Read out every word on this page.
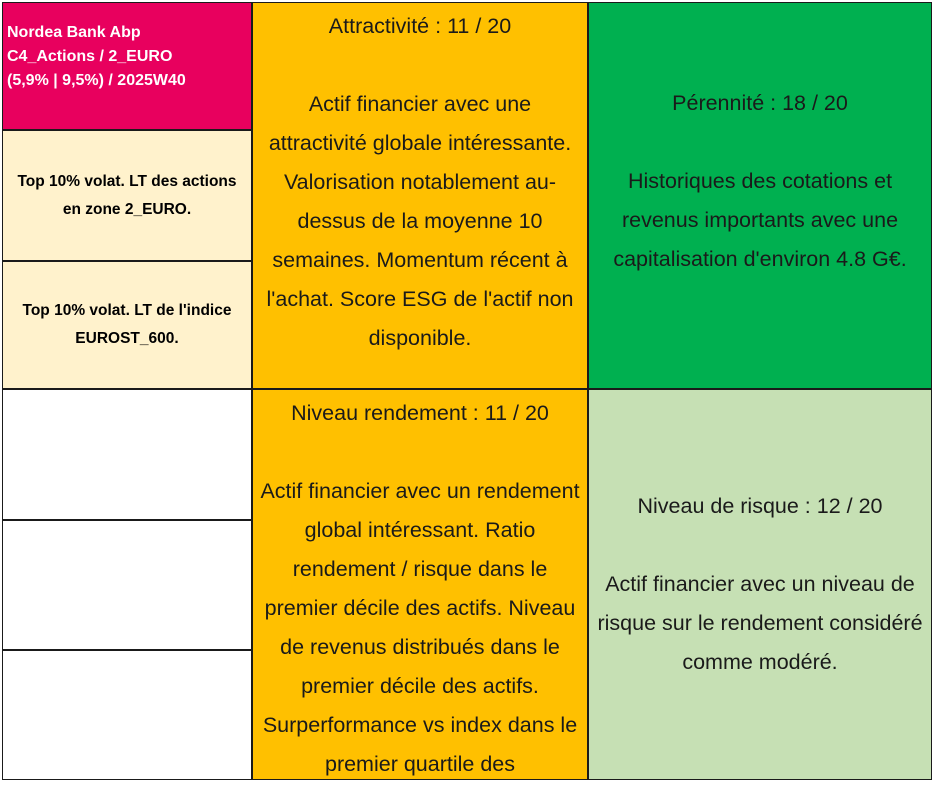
Nordea Bank Abp
C4_Actions / 2_EURO
(5,9% | 9,5%) / 2025W40
Top 10% volat. LT des actions en zone 2_EURO.
Top 10% volat. LT de l'indice EUROST_600.
Attractivité : 11 / 20
Actif financier avec une attractivité globale intéressante. Valorisation notablement au-dessus de la moyenne 10 semaines. Momentum récent à l'achat. Score ESG de l'actif non disponible.
Pérennité : 18 / 20
Historiques des cotations et revenus importants avec une capitalisation d'environ 4.8 G€.
Niveau rendement : 11 / 20
Actif financier avec un rendement global intéressant. Ratio rendement / risque dans le premier décile des actifs. Niveau de revenus distribués dans le premier décile des actifs. Surperformance vs index dans le premier quartile des
Niveau de risque : 12 / 20
Actif financier avec un niveau de risque sur le rendement considéré comme modéré.
